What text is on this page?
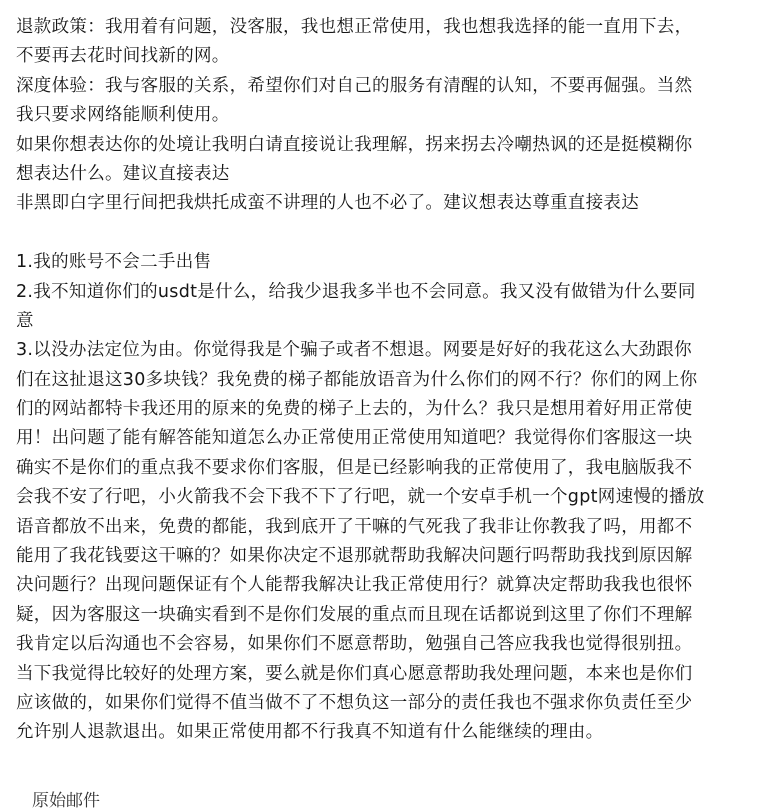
退款政策：我用着有问题，没客服，我也想正常使用，我也想我选择的能一直用下去，
不要再去花时间找新的网。
深度体验：我与客服的关系，希望你们对自己的服务有清醒的认知，不要再倔强。当然
我只要求网络能顺利使用。
如果你想表达你的处境让我明白请直接说让我理解，拐来拐去冷嘲热讽的还是挺模糊你
想表达什么。建议直接表达
非黑即白字里行间把我烘托成蛮不讲理的人也不必了。建议想表达尊重直接表达
1.我的账号不会二手出售
2.我不知道你们的usdt是什么，给我少退我多半也不会同意。我又没有做错为什么要同
意
3.以没办法定位为由。你觉得我是个骗子或者不想退。网要是好好的我花这么大劲跟你
们在这扯退这30多块钱？我免费的梯子都能放语音为什么你们的网不行？你们的网上你
们的网站都特卡我还用的原来的免费的梯子上去的，为什么？我只是想用着好用正常使
用！出问题了能有解答能知道怎么办正常使用正常使用知道吧？我觉得你们客服这一块
确实不是你们的重点我不要求你们客服，但是已经影响我的正常使用了，我电脑版我不
会我不安了行吧，小火箭我不会下我不下了行吧，就一个安卓手机一个gpt网速慢的播放
语音都放不出来，免费的都能，我到底开了干嘛的气死我了我非让你教我了吗，用都不
能用了我花钱要这干嘛的？如果你决定不退那就帮助我解决问题行吗帮助我找到原因解
决问题行？出现问题保证有个人能帮我解决让我正常使用行？就算决定帮助我我也很怀
疑，因为客服这一块确实看到不是你们发展的重点而且现在话都说到这里了你们不理解
我肯定以后沟通也不会容易，如果你们不愿意帮助，勉强自己答应我我也觉得很别扭。
当下我觉得比较好的处理方案，要么就是你们真心愿意帮助我处理问题，本来也是你们
应该做的，如果你们觉得不值当做不了不想负这一部分的责任我也不强求你负责任至少
允许别人退款退出。如果正常使用都不行我真不知道有什么能继续的理由。
原始邮件
